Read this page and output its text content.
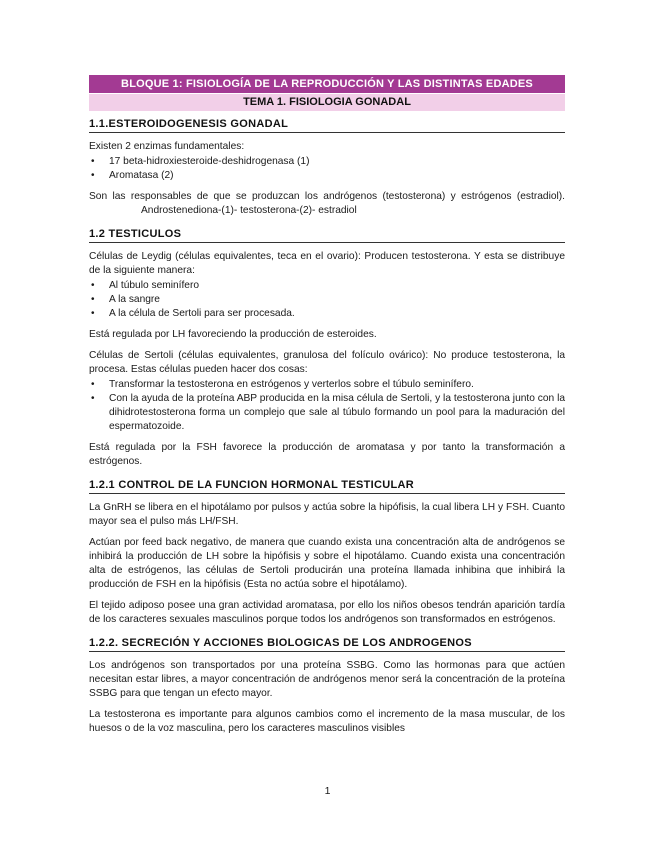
BLOQUE 1: FISIOLOGÍA DE LA REPRODUCCIÓN Y LAS DISTINTAS EDADES
TEMA 1. FISIOLOGIA GONADAL
1.1.ESTEROIDOGENESIS GONADAL

Existen 2 enzimas fundamentales:

• 17 beta-hidroxiesteroide-deshidrogenasa (1)
• Aromatasa (2)

Son las responsables de que se produzcan los andrógenos (testosterona) y estrógenos (estradiol).Androstenediona-(1)- testosterona-(2)- estradiol

1.2 TESTICULOS

Células de Leydig (células equivalentes, teca en el ovario): Producen testosterona. Y esta se distribuye de la siguiente manera:

• Al túbulo seminífero
• A la sangre
• A la célula de Sertoli para ser procesada.

Está regulada por LH favoreciendo la producción de esteroides.

Células de Sertoli (células equivalentes, granulosa del folículo ovárico): No produce testosterona, la procesa. Estas células pueden hacer dos cosas:

• Transformar la testosterona en estrógenos y verterlos sobre el túbulo seminífero.
• Con la ayuda de la proteína ABP producida en la misa célula de Sertoli, y la testosterona junto con la dihidrotestosterona forma un complejo que sale al túbulo formando un pool para la maduración del espermatozoide.

Está regulada por la FSH favorece la producción de aromatasa y por tanto la transformación a estrógenos.

1.2.1 CONTROL DE LA FUNCION HORMONAL TESTICULAR

La GnRH se libera en el hipotálamo por pulsos y actúa sobre la hipófisis, la cual libera LH y FSH. Cuanto mayor sea el pulso más LH/FSH.

Actúan por feed back negativo, de manera que cuando exista una concentración alta de andrógenos se inhibirá la producción de LH sobre la hipófisis y sobre el hipotálamo. Cuando exista una concentración alta de estrógenos, las células de Sertoli producirán una proteína llamada inhibina que inhibirá la producción de FSH en la hipófisis (Esta no actúa sobre el hipotálamo).

El tejido adiposo posee una gran actividad aromatasa, por ello los niños obesos tendrán aparición tardía de los caracteres sexuales masculinos porque todos los andrógenos son transformados en estrógenos.

1.2.2. SECRECIÓN Y ACCIONES BIOLOGICAS DE LOS ANDROGENOS

Los andrógenos son transportados por una proteína SSBG. Como las hormonas para que actúen necesitan estar libres, a mayor concentración de andrógenos menor será la concentración de la proteína SSBG para que tengan un efecto mayor.

La testosterona es importante para algunos cambios como el incremento de la masa muscular, de los huesos o de la voz masculina, pero los caracteres masculinos visibles

1
